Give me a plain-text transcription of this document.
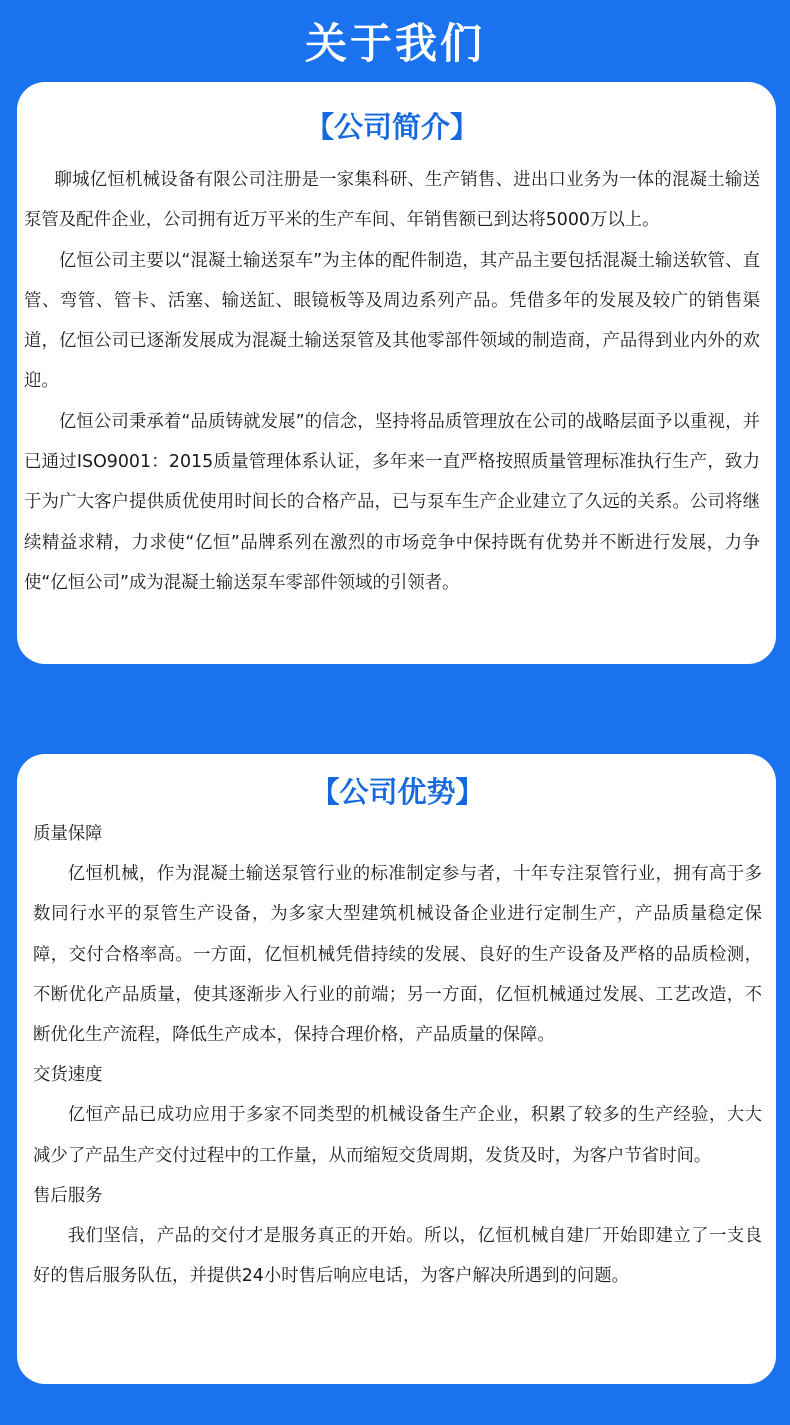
关于我们
【公司简介】

聊城亿恒机械设备有限公司注册是一家集科研、生产销售、进出口业务为一体的混凝土输送泵管及配件企业，公司拥有近万平米的生产车间、年销售额已到达将5000万以上。

亿恒公司主要以“混凝土输送泵车”为主体的配件制造，其产品主要包括混凝土输送软管、直管、弯管、管卡、活塞、输送缸、眼镜板等及周边系列产品。凭借多年的发展及较广的销售渠道，亿恒公司已逐渐发展成为混凝土输送泵管及其他零部件领域的制造商，产品得到业内外的欢迎。

亿恒公司秉承着“品质铸就发展”的信念，坚持将品质管理放在公司的战略层面予以重视，并已通过ISO9001：2015质量管理体系认证，多年来一直严格按照质量管理标准执行生产，致力于为广大客户提供质优使用时间长的合格产品，已与泵车生产企业建立了久远的关系。公司将继续精益求精，力求使“亿恒”品牌系列在激烈的市场竞争中保持既有优势并不断进行发展，力争使“亿恒公司”成为混凝土输送泵车零部件领域的引领者。

【公司优势】

质量保障

亿恒机械，作为混凝土输送泵管行业的标准制定参与者，十年专注泵管行业，拥有高于多数同行水平的泵管生产设备，为多家大型建筑机械设备企业进行定制生产，产品质量稳定保障，交付合格率高。一方面，亿恒机械凭借持续的发展、良好的生产设备及严格的品质检测，不断优化产品质量，使其逐渐步入行业的前端；另一方面，亿恒机械通过发展、工艺改造，不断优化生产流程，降低生产成本，保持合理价格，产品质量的保障。

交货速度

亿恒产品已成功应用于多家不同类型的机械设备生产企业，积累了较多的生产经验，大大减少了产品生产交付过程中的工作量，从而缩短交货周期，发货及时，为客户节省时间。

售后服务

我们坚信，产品的交付才是服务真正的开始。所以，亿恒机械自建厂开始即建立了一支良好的售后服务队伍，并提供24小时售后响应电话，为客户解决所遇到的问题。
